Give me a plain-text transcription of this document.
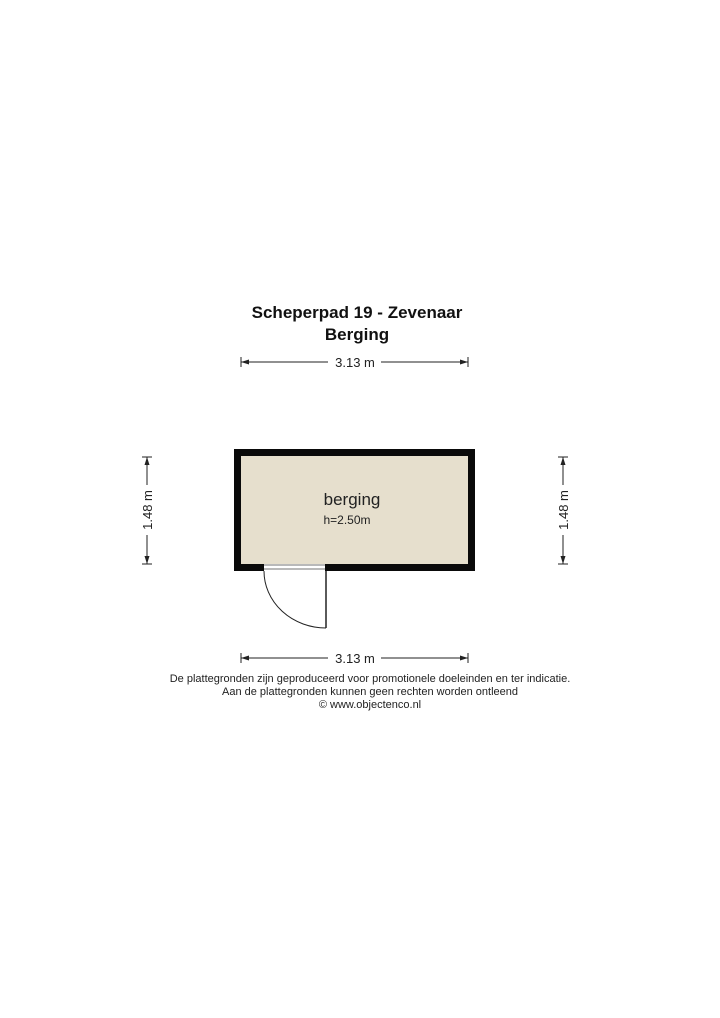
Scheperpad 19 - Zevenaar
Berging
3.13 m
1.48 m	1.48 m
berging
h=2.50m
3.13 m
De plattegronden zijn geproduceerd voor promotionele doeleinden en ter indicatie.
Aan de plattegronden kunnen geen rechten worden ontleend
© www.objectenco.nl
